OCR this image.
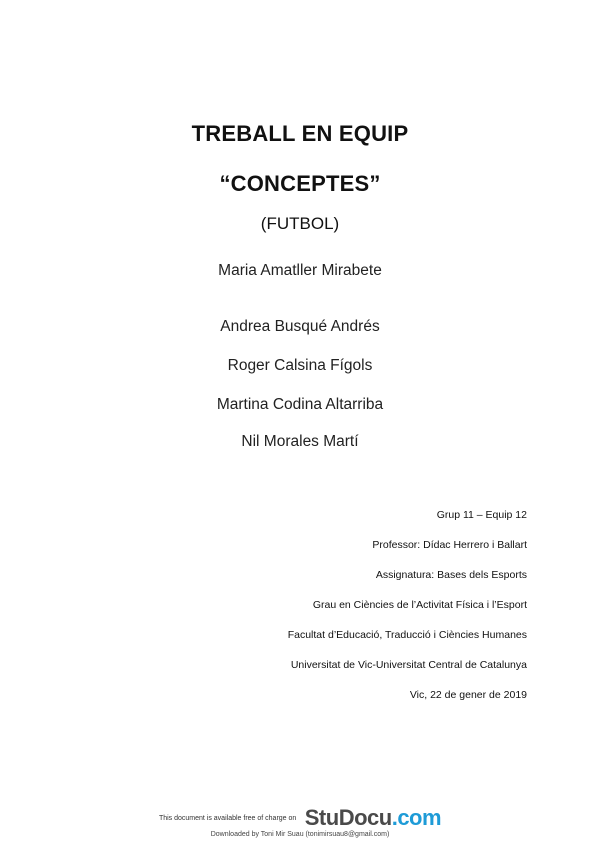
TREBALL EN EQUIP
“CONCEPTES”
(FUTBOL)
Maria Amatller Mirabete
Andrea Busqué Andrés
Roger Calsina Fígols
Martina Codina Altarriba
Nil Morales Martí
Grup 11 – Equip 12
Professor: Dídac Herrero i Ballart
Assignatura: Bases dels Esports
Grau en Ciències de l’Activitat Física i l’Esport
Facultat d’Educació, Traducció i Ciències Humanes
Universitat de Vic-Universitat Central de Catalunya
Vic, 22 de gener de 2019
This document is available free of charge on StuDocu.com
Downloaded by Toni Mir Suau (tonimirsuau8@gmail.com)
